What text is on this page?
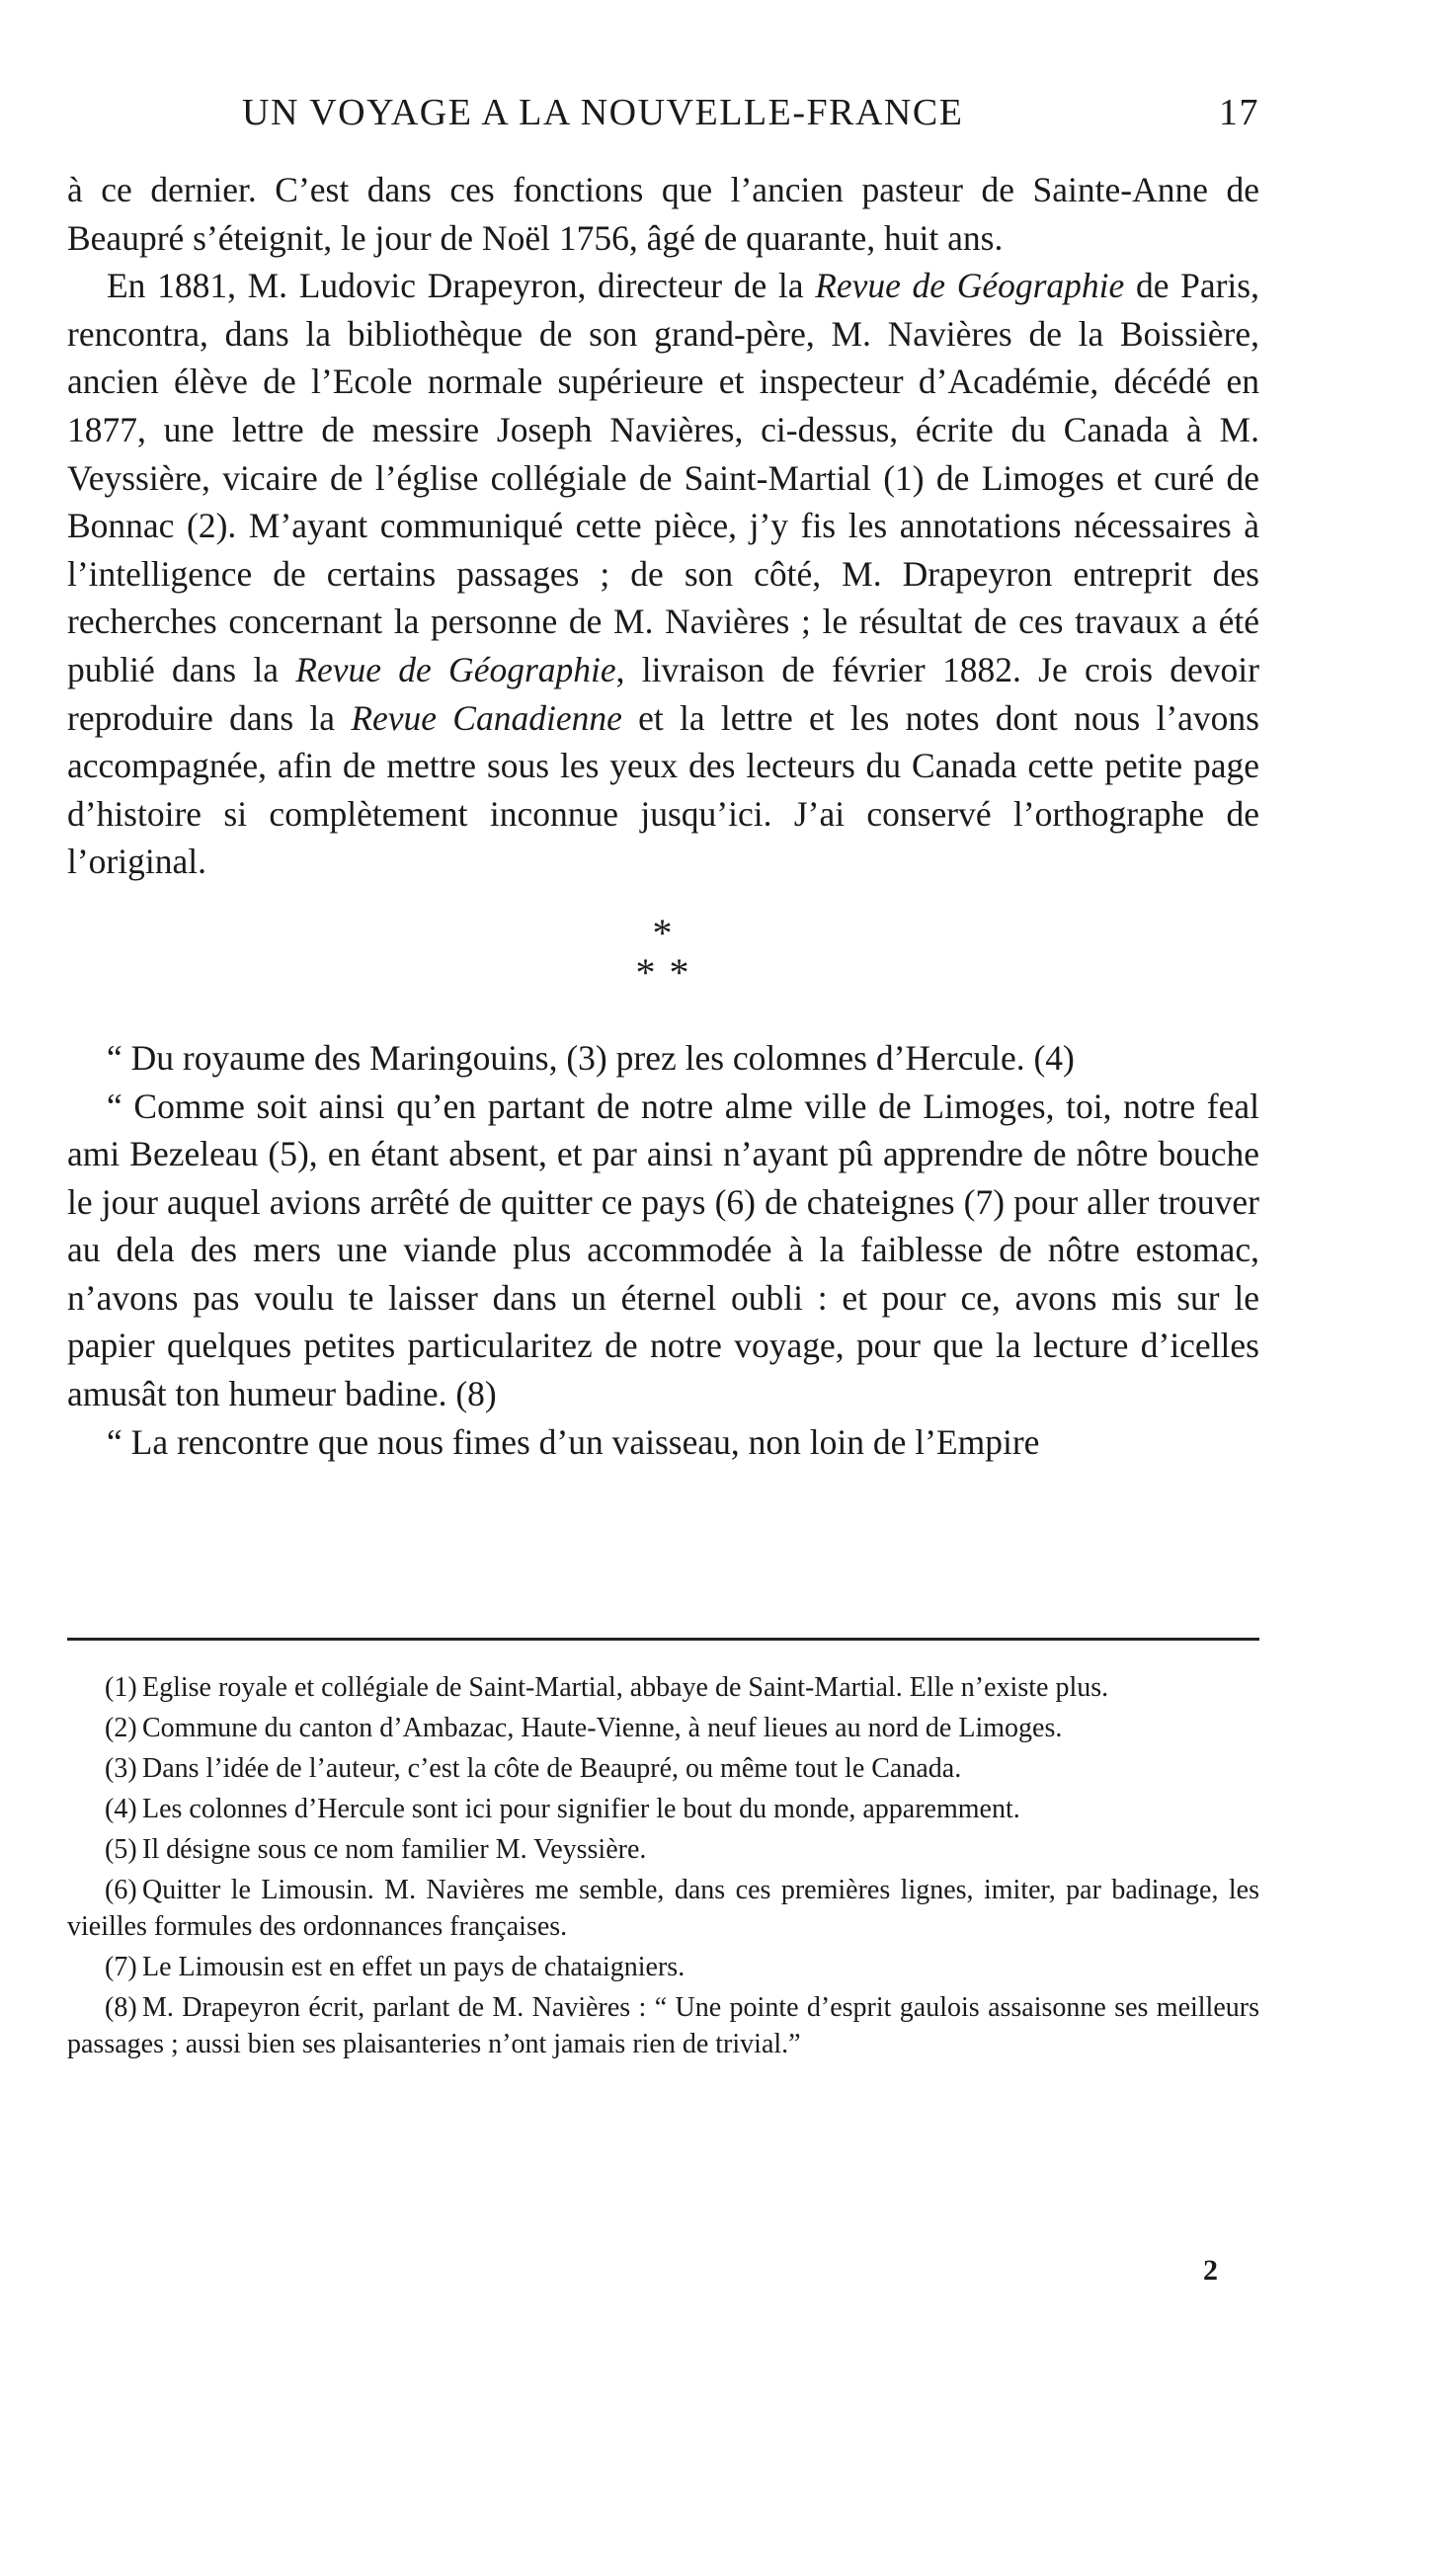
UN VOYAGE A LA NOUVELLE-FRANCE	17

à ce dernier. C’est dans ces fonctions que l’ancien pasteur de Sainte-Anne de Beaupré s’éteignit, le jour de Noël 1756, âgé de quarante, huit ans.

En 1881, M. Ludovic Drapeyron, directeur de la Revue de Géographie de Paris, rencontra, dans la bibliothèque de son grand-père, M. Navières de la Boissière, ancien élève de l’Ecole normale supérieure et inspecteur d’Académie, décédé en 1877, une lettre de messire Joseph Navières, ci-dessus, écrite du Canada à M. Veyssière, vicaire de l’église collégiale de Saint-Martial (1) de Limoges et curé de Bonnac (2). M’ayant communiqué cette pièce, j’y fis les annotations nécessaires à l’intelligence de certains passages ; de son côté, M. Drapeyron entreprit des recherches concernant la personne de M. Navières ; le résultat de ces travaux a été publié dans la Revue de Géographie, livraison de février 1882. Je crois devoir reproduire dans la Revue Canadienne et la lettre et les notes dont nous l’avons accompagnée, afin de mettre sous les yeux des lecteurs du Canada cette petite page d’histoire si complètement inconnue jusqu’ici. J’ai conservé l’orthographe de l’original.

*
* *

“ Du royaume des Maringouins, (3) prez les colomnes d’Hercule. (4)

“ Comme soit ainsi qu’en partant de notre alme ville de Limoges, toi, notre feal ami Bezeleau (5), en étant absent, et par ainsi n’ayant pû apprendre de nôtre bouche le jour auquel avions arrêté de quitter ce pays (6) de chateignes (7) pour aller trouver au dela des mers une viande plus accommodée à la faiblesse de nôtre estomac, n’avons pas voulu te laisser dans un éternel oubli : et pour ce, avons mis sur le papier quelques petites particularitez de notre voyage, pour que la lecture d’icelles amusât ton humeur badine. (8)

“ La rencontre que nous fimes d’un vaisseau, non loin de l’Empire

(1) Eglise royale et collégiale de Saint-Martial, abbaye de Saint-Martial. Elle n’existe plus.

(2) Commune du canton d’Ambazac, Haute-Vienne, à neuf lieues au nord de Limoges.

(3) Dans l’idée de l’auteur, c’est la côte de Beaupré, ou même tout le Canada.

(4) Les colonnes d’Hercule sont ici pour signifier le bout du monde, apparemment.

(5) Il désigne sous ce nom familier M. Veyssière.

(6) Quitter le Limousin. M. Navières me semble, dans ces premières lignes, imiter, par badinage, les vieilles formules des ordonnances françaises.

(7) Le Limousin est en effet un pays de chataigniers.

(8) M. Drapeyron écrit, parlant de M. Navières : “ Une pointe d’esprit gaulois assaisonne ses meilleurs passages ; aussi bien ses plaisanteries n’ont jamais rien de trivial.”

2
